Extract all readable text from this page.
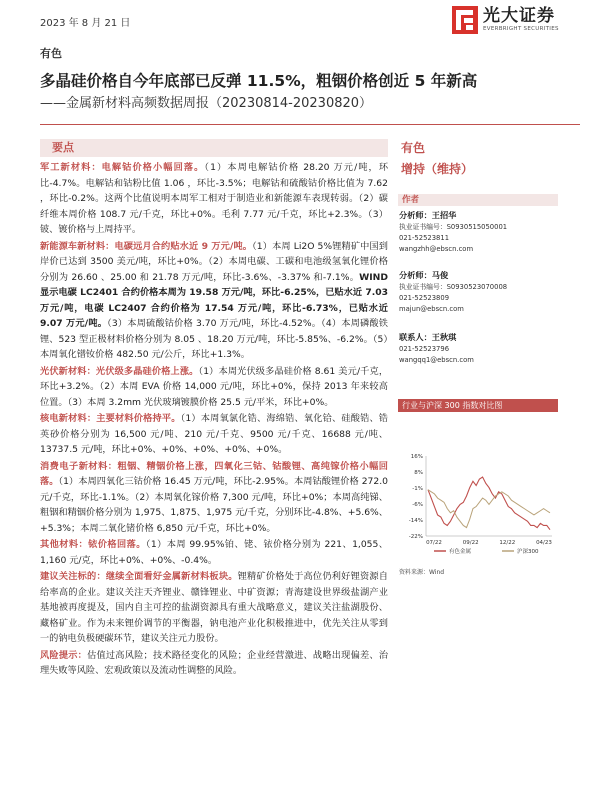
2023 年 8 月 21 日	光大证券
EVERBRIGHT SECURITIES
有色
多晶硅价格自今年底部已反弹 11.5%，粗铟价格创近 5 年新高
——金属新材料高频数据周报（20230814-20230820）
要点

军工新材料：电解钴价格小幅回落。（1）本周电解钴价格 28.20 万元/吨，环比-4.7%。电解钴和钴粉比值 1.06 ，环比-3.5%；电解钴和硫酸钴价格比值为 7.62 ，环比-0.2%。这两个比值说明本周军工相对于制造业和新能源车表现转弱。（2）碳纤维本周价格 108.7 元/千克，环比+0%。毛利 7.77 元/千克，环比+2.3%。（3）铍、镀价格与上周持平。

新能源车新材料：电碳远月合约贴水近 9 万元/吨。（1）本周 Li2O 5%锂精矿中国到岸价已达到 3500 美元/吨，环比+0%。（2）本周电碳、工碳和电池级氢氧化锂价格分别为 26.60 、25.00 和 21.78 万元/吨，环比-3.6%、-3.37% 和-7.1%。WIND 显示电碳 LC2401 合约价格本周为 19.58 万元/吨，环比-6.25%，已贴水近 7.03 万元/吨，电碳 LC2407 合约价格为 17.54 万元/吨，环比-6.73%，已贴水近 9.07 万元/吨。（3）本周硫酸钴价格 3.70 万元/吨，环比-4.52%。（4）本周磷酸铁锂、523 型正极材料价格分别为 8.05 、18.20 万元/吨，环比-5.85%、-6.2%。（5）本周氧化镨钕价格 482.50 元/公斤，环比+1.3%。

光伏新材料：光伏级多晶硅价格上涨。（1）本周光伏级多晶硅价格 8.61 美元/千克，环比+3.2%。（2）本周 EVA 价格 14,000 元/吨，环比+0%，保持 2013 年来较高位置。（3）本周 3.2mm 光伏玻璃镀膜价格 25.5 元/平米，环比+0%。

核电新材料：主要材料价格持平。（1）本周氧氯化锆、海绵锆、氧化铪、硅酸锆、锆英砂价格分别为 16,500 元/吨、210 元/千克、9500 元/千克、16688 元/吨、13737.5 元/吨，环比+0%、+0%、+0%、+0%、+0%。

消费电子新材料：粗铟、精铟价格上涨，四氧化三钴、钴酸锂、高纯镓价格小幅回落。（1）本周四氧化三钴价格 16.45 万元/吨，环比-2.95%。本周钴酸锂价格 272.0 元/千克，环比-1.1%。（2）本周氧化镓价格 7,300 元/吨，环比+0%；本周高纯锑、粗铟和精铟价格分别为 1,975、1,875、1,975 元/千克，分别环比-4.8%、+5.6%、+5.3%；本周二氧化锗价格 6,850 元/千克，环比+0%。

其他材料：铱价格回落。（1）本周 99.95%铂、铑、铱价格分别为 221、1,055、1,160 元/克，环比+0%、+0%、-0.4%。

建议关注标的：继续全面看好金属新材料板块。锂精矿价格处于高位仍利好锂资源自给率高的企业。建议关注天齐锂业、赣锋锂业、中矿资源；青海建设世界级盐湖产业基地被再度提及，国内自主可控的盐湖资源具有重大战略意义，建议关注盐湖股份、藏格矿业。作为未来锂价调节的平衡器，钠电池产业化积极推进中，优先关注从零到一的钠电负极硬碳环节，建议关注元力股份。

风险提示：估值过高风险；技术路径变化的风险；企业经营激进、战略出现偏差、治理失败等风险、宏观政策以及流动性调整的风险。

有色
增持（维持）
作者
分析师：王招华
执业证书编号：S0930515050001
021-52523811
wangzhh@ebscn.com
分析师：马俊
执业证书编号：S0930523070008
021-52523809
majun@ebscn.com
联系人：王秋琪
021-52523796
wangqq1@ebscn.com
行业与沪深 300 指数对比图
16%
8%
-1%
-6%
-14%
-22%
07/22	09/22	12/22	04/23
有色金属	沪深300
资料来源：Wind
